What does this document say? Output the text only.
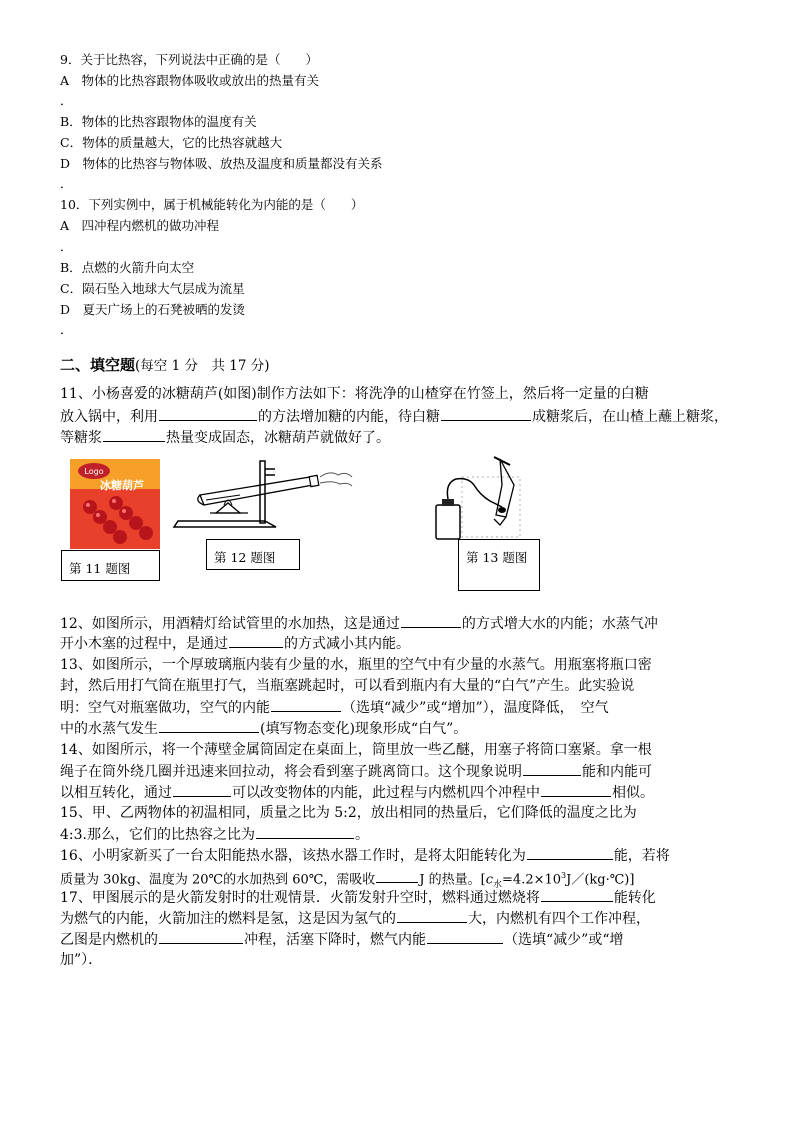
9．关于比热容，下列说法中正确的是（　　）
A　物体的比热容跟物体吸收或放出的热量有关
．
B．物体的比热容跟物体的温度有关
C．物体的质量越大，它的比热容就越大
D　物体的比热容与物体吸、放热及温度和质量都没有关系
．
10．下列实例中，属于机械能转化为内能的是（　　）
A　四冲程内燃机的做功冲程
．
B．点燃的火箭升向太空
C．陨石坠入地球大气层成为流星
D　夏天广场上的石凳被晒的发烫
．
二、填空题(每空 1 分　共 17 分)
11、小杨喜爱的冰糖葫芦(如图)制作方法如下：将洗净的山楂穿在竹签上，然后将一定量的白糖
放入锅中，利用	的方法增加糖的内能，待白糖	成糖浆后，在山楂上蘸上糖浆，
等糖浆	热量变成固态，冰糖葫芦就做好了。
Logo
冰糖葫芦
第 11 题图
第 12 题图	第 13 题图
12、如图所示，用酒精灯给试管里的水加热，这是通过	的方式增大水的内能；水蒸气冲
开小木塞的过程中，是通过	的方式减小其内能。
13、如图所示，一个厚玻璃瓶内装有少量的水，瓶里的空气中有少量的水蒸气。用瓶塞将瓶口密
封，然后用打气筒在瓶里打气，当瓶塞跳起时，可以看到瓶内有大量的“白气”产生。此实验说
明：空气对瓶塞做功，空气的内能	（选填“减少”或“增加”），温度降低，　空气
中的水蒸气发生	(填写物态变化)现象形成“白气”。
14、如图所示，将一个薄壁金属筒固定在桌面上，筒里放一些乙醚，用塞子将筒口塞紧。拿一根
绳子在筒外绕几圈并迅速来回拉动，将会看到塞子跳离筒口。这个现象说明	能和内能可
以相互转化，通过	可以改变物体的内能，此过程与内燃机四个冲程中	相似。
15、甲、乙两物体的初温相同，质量之比为 5:2，放出相同的热量后，它们降低的温度之比为
4:3.那么，它们的比热容之比为	。
16、小明家新买了一台太阳能热水器，该热水器工作时，是将太阳能转化为	能，若将
质量为 30kg、温度为 20℃的水加热到 60℃，需吸收	J 的热量。$[c_水=4.2\times 10^3J/(kg\cdot℃)]$
17、甲图展示的是火箭发射时的壮观情景．火箭发射升空时，燃料通过燃烧将	能转化
为燃气的内能，火箭加注的燃料是氢，这是因为氢气的	大，内燃机有四个工作冲程，
乙图是内燃机的	冲程，活塞下降时，燃气内能	（选填“减少”或“增
加”）．
